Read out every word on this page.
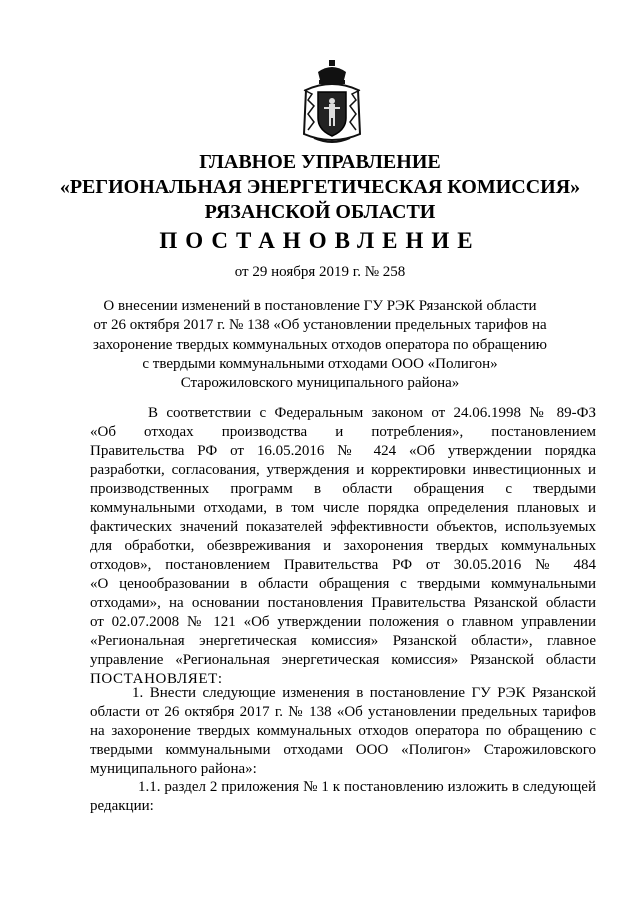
ГЛАВНОЕ УПРАВЛЕНИЕ
«РЕГИОНАЛЬНАЯ ЭНЕРГЕТИЧЕСКАЯ КОМИССИЯ»
РЯЗАНСКОЙ ОБЛАСТИ
ПОСТАНОВЛЕНИЕ
от 29 ноября 2019 г. № 258
О внесении изменений в постановление ГУ РЭК Рязанской области
от 26 октября 2017 г. № 138 «Об установлении предельных тарифов на
захоронение твердых коммунальных отходов оператора по обращению
с твердыми коммунальными отходами ООО «Полигон»
Старожиловского муниципального района»
В соответствии с Федеральным законом от 24.06.1998 № 89-ФЗ
«Об отходах производства и потребления», постановлением
Правительства РФ от 16.05.2016 № 424 «Об утверждении порядка
разработки, согласования, утверждения и корректировки инвестиционных и
производственных программ в области обращения с твердыми
коммунальными отходами, в том числе порядка определения плановых и
фактических значений показателей эффективности объектов, используемых
для обработки, обезвреживания и захоронения твердых коммунальных
отходов», постановлением Правительства РФ от 30.05.2016 № 484
«О ценообразовании в области обращения с твердыми коммунальными
отходами», на основании постановления Правительства Рязанской области
от 02.07.2008 № 121 «Об утверждении положения о главном управлении
«Региональная энергетическая комиссия» Рязанской области», главное
управление «Региональная энергетическая комиссия» Рязанской области
ПОСТАНОВЛЯЕТ:
1. Внести следующие изменения в постановление ГУ РЭК Рязанской
области от 26 октября 2017 г. № 138 «Об установлении предельных тарифов
на захоронение твердых коммунальных отходов оператора по обращению с
твердыми коммунальными отходами ООО «Полигон» Старожиловского
муниципального района»:
1.1. раздел 2 приложения № 1 к постановлению изложить в следующей
редакции:
